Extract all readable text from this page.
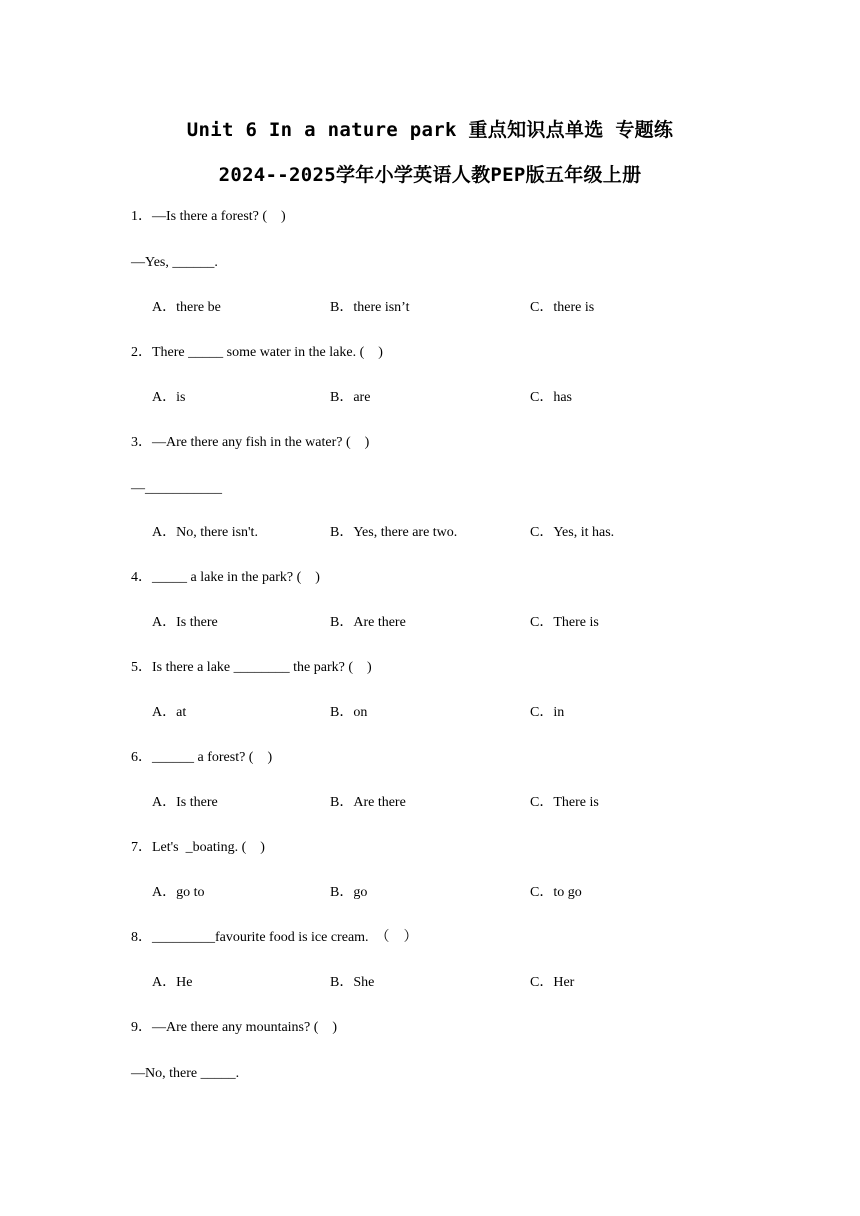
Unit 6 In a nature park 重点知识点单选 专题练
2024--2025学年小学英语人教PEP版五年级上册
1．—Is there a forest? (    )
—Yes, ______.
A．there be	B．there isn’t	C．there is
2．There _____ some water in the lake. (    )
A．is	B．are	C．has
3．—Are there any fish in the water? (    )
—___________
A．No, there isn't.	B．Yes, there are two.	C．Yes, it has.
4．_____ a lake in the park? (    )
A．Is there	B．Are there	C．There is
5．Is there a lake ________ the park? (    )
A．at	B．on	C．in
6．______ a forest? (    )
A．Is there	B．Are there	C．There is
7．Let's  _boating. (    )
A．go to	B．go	C．to go
8．_________favourite food is ice cream.  （    ）
A．He	B．She	C．Her
9．—Are there any mountains? (    )
—No, there _____.
